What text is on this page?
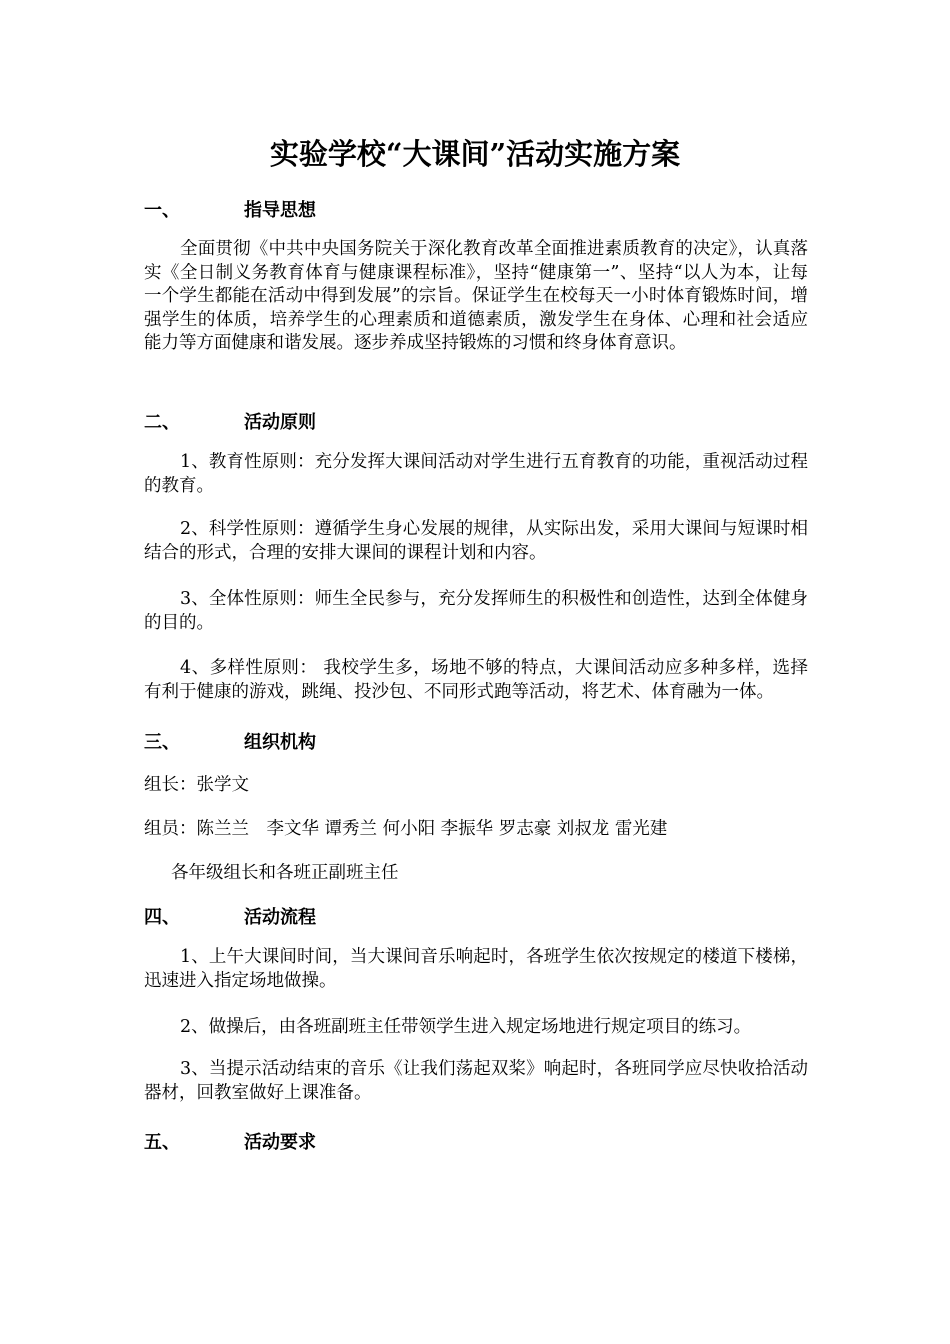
实验学校“大课间”活动实施方案
一、	指导思想
全面贯彻《中共中央国务院关于深化教育改革全面推进素质教育的决定》，认真落实《全日制义务教育体育与健康课程标准》，坚持“健康第一”、坚持“以人为本，让每一个学生都能在活动中得到发展”的宗旨。保证学生在校每天一小时体育锻炼时间，增强学生的体质，培养学生的心理素质和道德素质，激发学生在身体、心理和社会适应能力等方面健康和谐发展。逐步养成坚持锻炼的习惯和终身体育意识。
二、	活动原则
1、教育性原则：充分发挥大课间活动对学生进行五育教育的功能，重视活动过程的教育。
2、科学性原则：遵循学生身心发展的规律，从实际出发，采用大课间与短课时相结合的形式，合理的安排大课间的课程计划和内容。
3、全体性原则：师生全民参与，充分发挥师生的积极性和创造性，达到全体健身的目的。
4、多样性原则： 我校学生多，场地不够的特点，大课间活动应多种多样，选择有利于健康的游戏，跳绳、投沙包、不同形式跑等活动，将艺术、体育融为一体。
三、	组织机构
组长：张学文
组员：陈兰兰　李文华 谭秀兰 何小阳 李振华 罗志豪 刘叔龙 雷光建
各年级组长和各班正副班主任
四、	活动流程
1、上午大课间时间，当大课间音乐响起时，各班学生依次按规定的楼道下楼梯，迅速进入指定场地做操。
2、做操后，由各班副班主任带领学生进入规定场地进行规定项目的练习。
3、当提示活动结束的音乐《让我们荡起双桨》响起时，各班同学应尽快收拾活动器材，回教室做好上课准备。
五、	活动要求
